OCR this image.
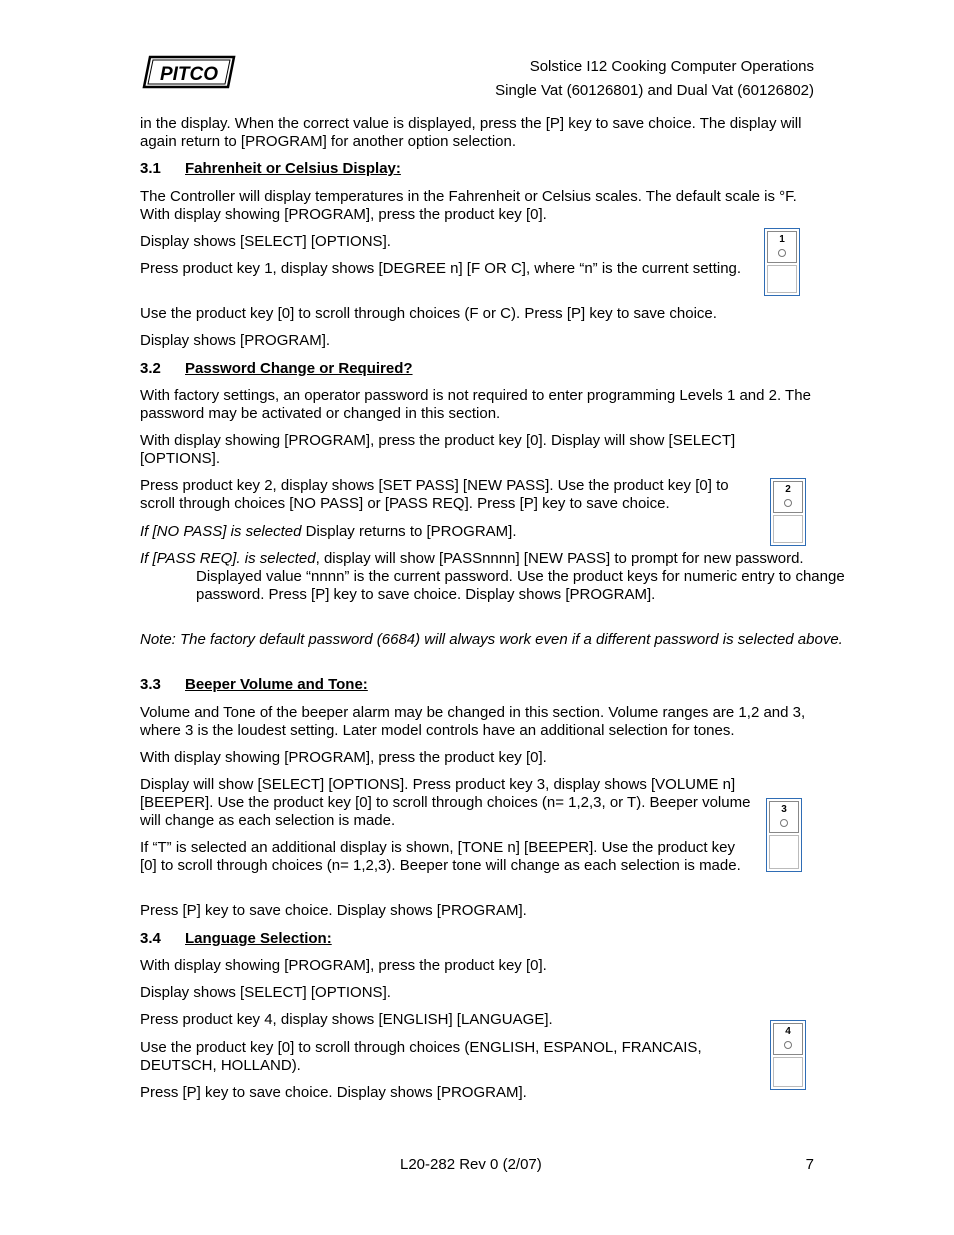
PITCO	Solstice I12 Cooking Computer Operations
Single Vat (60126801) and Dual Vat (60126802)

in the display. When the correct value is displayed, press the [P] key to save choice. The display will again return to [PROGRAM] for another option selection.

3.1 Fahrenheit or Celsius Display:

The Controller will display temperatures in the Fahrenheit or Celsius scales. The default scale is °F. With display showing [PROGRAM], press the product key [0].

Display shows [SELECT] [OPTIONS].

Press product key 1, display shows [DEGREE n] [F OR C], where “n” is the current setting.

Use the product key [0] to scroll through choices (F or C). Press [P] key to save choice.

Display shows [PROGRAM].

1
3.2 Password Change or Required?

With factory settings, an operator password is not required to enter programming Levels 1 and 2. The password may be activated or changed in this section.

With display showing [PROGRAM], press the product key [0]. Display will show [SELECT] [OPTIONS].

Press product key 2, display shows [SET PASS] [NEW PASS]. Use the product key [0] to scroll through choices [NO PASS] or [PASS REQ]. Press [P] key to save choice.

If [NO PASS] is selected Display returns to [PROGRAM].

If [PASS REQ]. is selected, display will show [PASSnnnn] [NEW PASS] to prompt for new password. Displayed value “nnnn” is the current password. Use the product keys for numeric entry to change password. Press [P] key to save choice. Display shows [PROGRAM].

Note: The factory default password (6684) will always work even if a different password is selected above.

2
3.3 Beeper Volume and Tone:

Volume and Tone of the beeper alarm may be changed in this section. Volume ranges are 1,2 and 3, where 3 is the loudest setting. Later model controls have an additional selection for tones.

With display showing [PROGRAM], press the product key [0].

Display will show [SELECT] [OPTIONS]. Press product key 3, display shows [VOLUME n] [BEEPER]. Use the product key [0] to scroll through choices (n= 1,2,3, or T). Beeper volume will change as each selection is made.

If “T” is selected an additional display is shown, [TONE n] [BEEPER]. Use the product key [0] to scroll through choices (n= 1,2,3). Beeper tone will change as each selection is made.

Press [P] key to save choice. Display shows [PROGRAM].

3
3.4 Language Selection:

With display showing [PROGRAM], press the product key [0].

Display shows [SELECT] [OPTIONS].

Press product key 4, display shows [ENGLISH] [LANGUAGE].

Use the product key [0] to scroll through choices (ENGLISH, ESPANOL, FRANCAIS, DEUTSCH, HOLLAND).

Press [P] key to save choice. Display shows [PROGRAM].

4
L20-282 Rev 0 (2/07)	7
